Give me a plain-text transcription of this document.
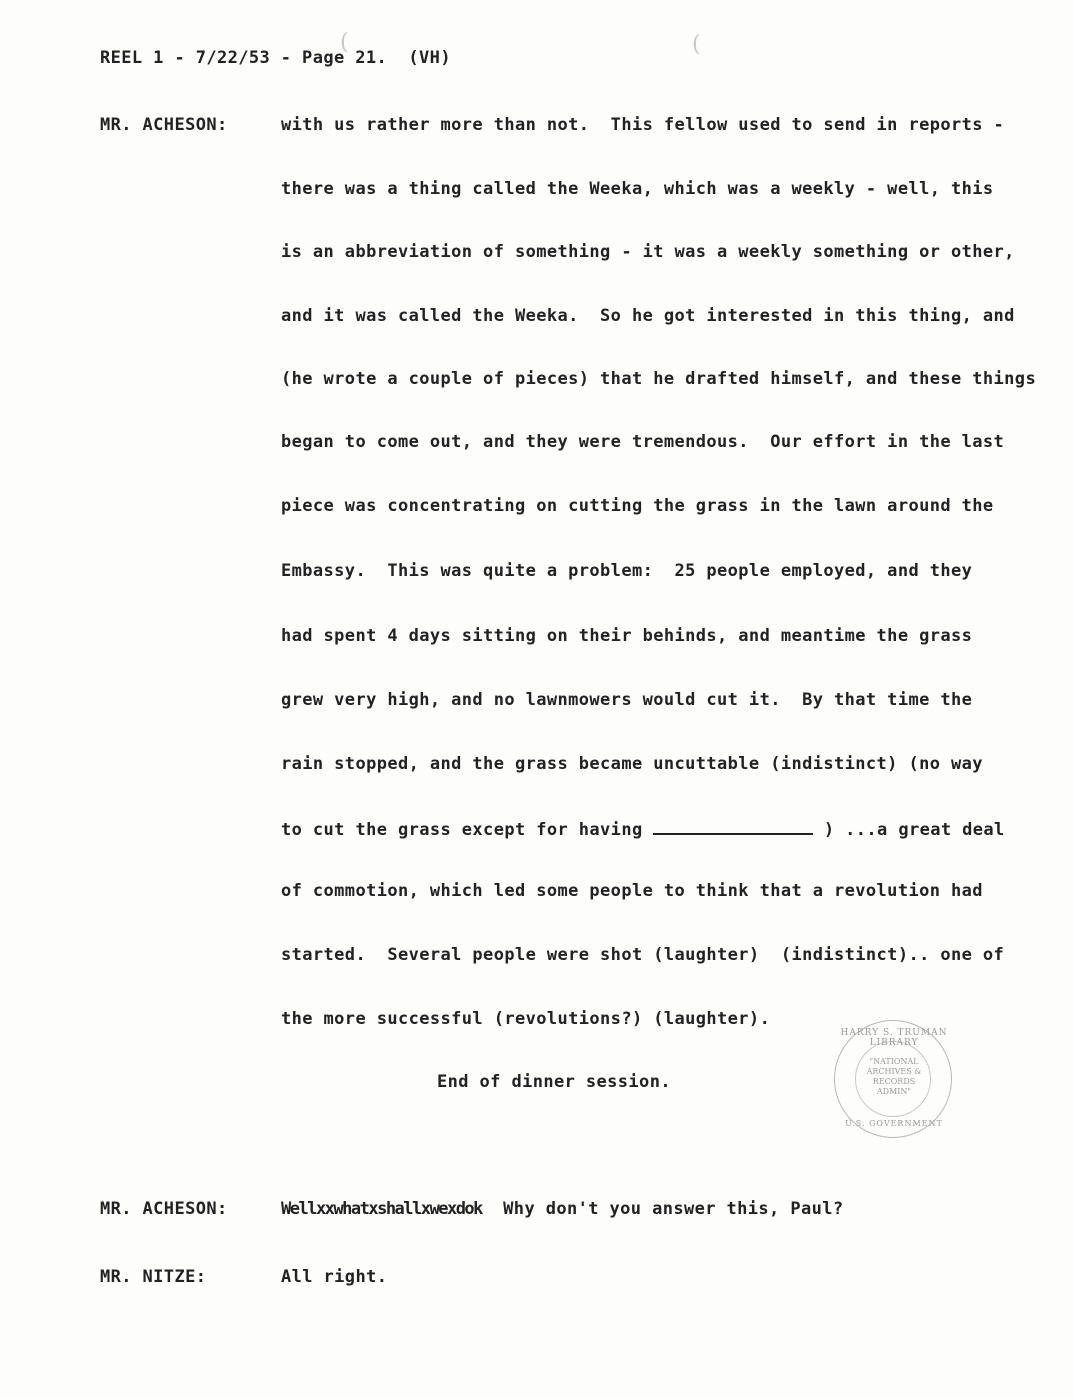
REEL 1 - 7/22/53 - Page 21.  (VH)
MR. ACHESON:	with us rather more than not.  This fellow used to send in reports -
there was a thing called the Weeka, which was a weekly - well, this
is an abbreviation of something - it was a weekly something or other,
and it was called the Weeka.  So he got interested in this thing, and
(he wrote a couple of pieces) that he drafted himself, and these things
began to come out, and they were tremendous.  Our effort in the last
piece was concentrating on cutting the grass in the lawn around the
Embassy.  This was quite a problem:  25 people employed, and they
had spent 4 days sitting on their behinds, and meantime the grass
grew very high, and no lawnmowers would cut it.  By that time the
rain stopped, and the grass became uncuttable (indistinct) (no way
to cut the grass except for having	) ...a great deal
of commotion, which led some people to think that a revolution had
started.  Several people were shot (laughter)  (indistinct).. one of
the more successful (revolutions?) (laughter).
End of dinner session.
MR. ACHESON:	Wellxxwhatxshallxwexdok  Why don't you answer this, Paul?
MR. NITZE:	All right.
HARRY S. TRUMAN LIBRARY
"NATIONAL
ARCHIVES &
RECORDS
ADMIN"
U.S. GOVERNMENT
(	(
